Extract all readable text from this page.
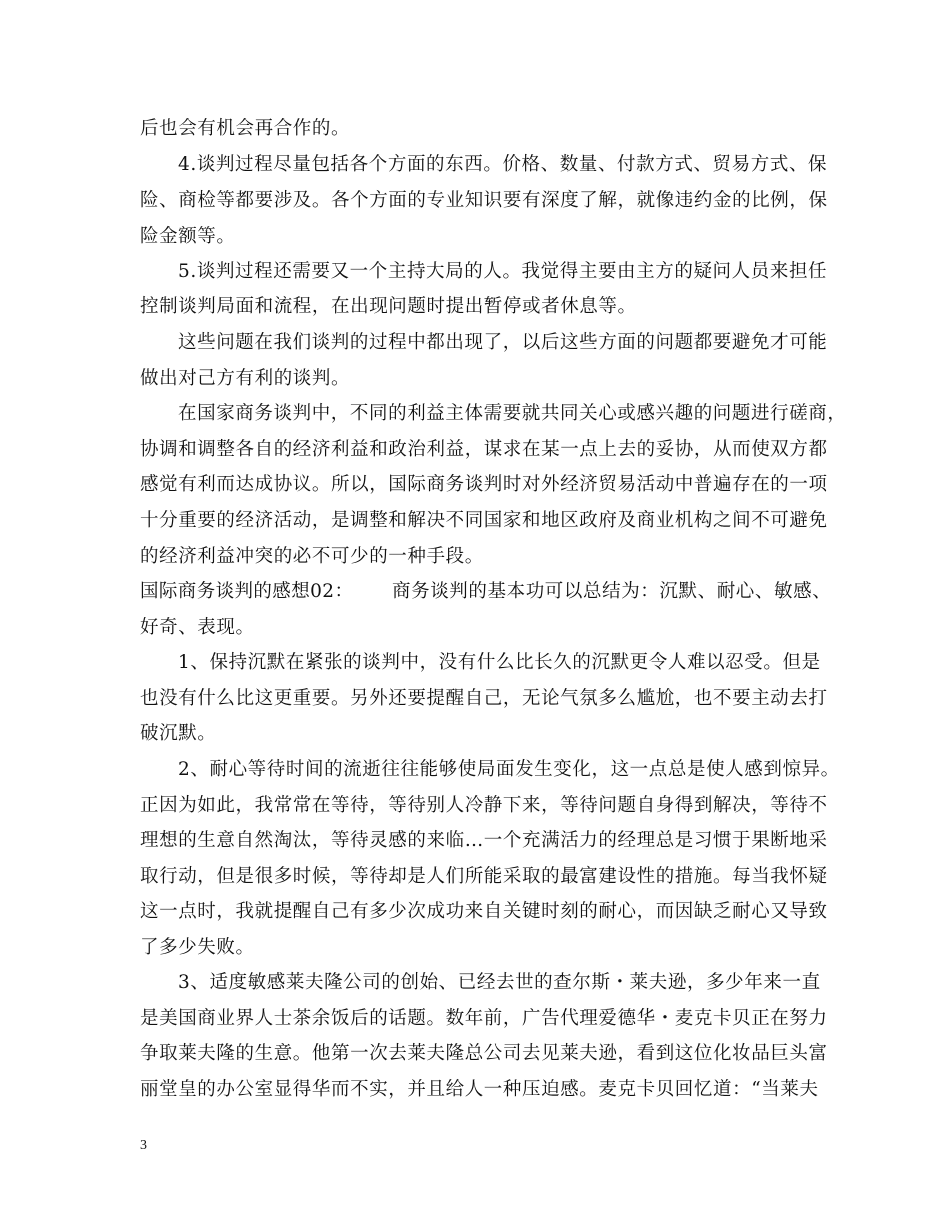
后也会有机会再合作的。
4.谈判过程尽量包括各个方面的东西。价格、数量、付款方式、贸易方式、保
险、商检等都要涉及。各个方面的专业知识要有深度了解，就像违约金的比例，保
险金额等。
5.谈判过程还需要又一个主持大局的人。我觉得主要由主方的疑问人员来担任
控制谈判局面和流程，在出现问题时提出暂停或者休息等。
这些问题在我们谈判的过程中都出现了，以后这些方面的问题都要避免才可能
做出对己方有利的谈判。
在国家商务谈判中，不同的利益主体需要就共同关心或感兴趣的问题进行磋商，
协调和调整各自的经济利益和政治利益，谋求在某一点上去的妥协，从而使双方都
感觉有利而达成协议。所以，国际商务谈判时对外经济贸易活动中普遍存在的一项
十分重要的经济活动，是调整和解决不同国家和地区政府及商业机构之间不可避免
的经济利益冲突的必不可少的一种手段。
国际商务谈判的感想02： 商务谈判的基本功可以总结为：沉默、耐心、敏感、
好奇、表现。
1、保持沉默在紧张的谈判中，没有什么比长久的沉默更令人难以忍受。但是
也没有什么比这更重要。另外还要提醒自己，无论气氛多么尴尬，也不要主动去打
破沉默。
2、耐心等待时间的流逝往往能够使局面发生变化，这一点总是使人感到惊异。
正因为如此，我常常在等待，等待别人冷静下来，等待问题自身得到解决，等待不
理想的生意自然淘汰，等待灵感的来临…一个充满活力的经理总是习惯于果断地采
取行动，但是很多时候，等待却是人们所能采取的最富建设性的措施。每当我怀疑
这一点时，我就提醒自己有多少次成功来自关键时刻的耐心，而因缺乏耐心又导致
了多少失败。
3、适度敏感莱夫隆公司的创始、已经去世的查尔斯・莱夫逊，多少年来一直
是美国商业界人士茶余饭后的话题。数年前，广告代理爱德华・麦克卡贝正在努力
争取莱夫隆的生意。他第一次去莱夫隆总公司去见莱夫逊，看到这位化妆品巨头富
丽堂皇的办公室显得华而不实，并且给人一种压迫感。麦克卡贝回忆道：“当莱夫
3
